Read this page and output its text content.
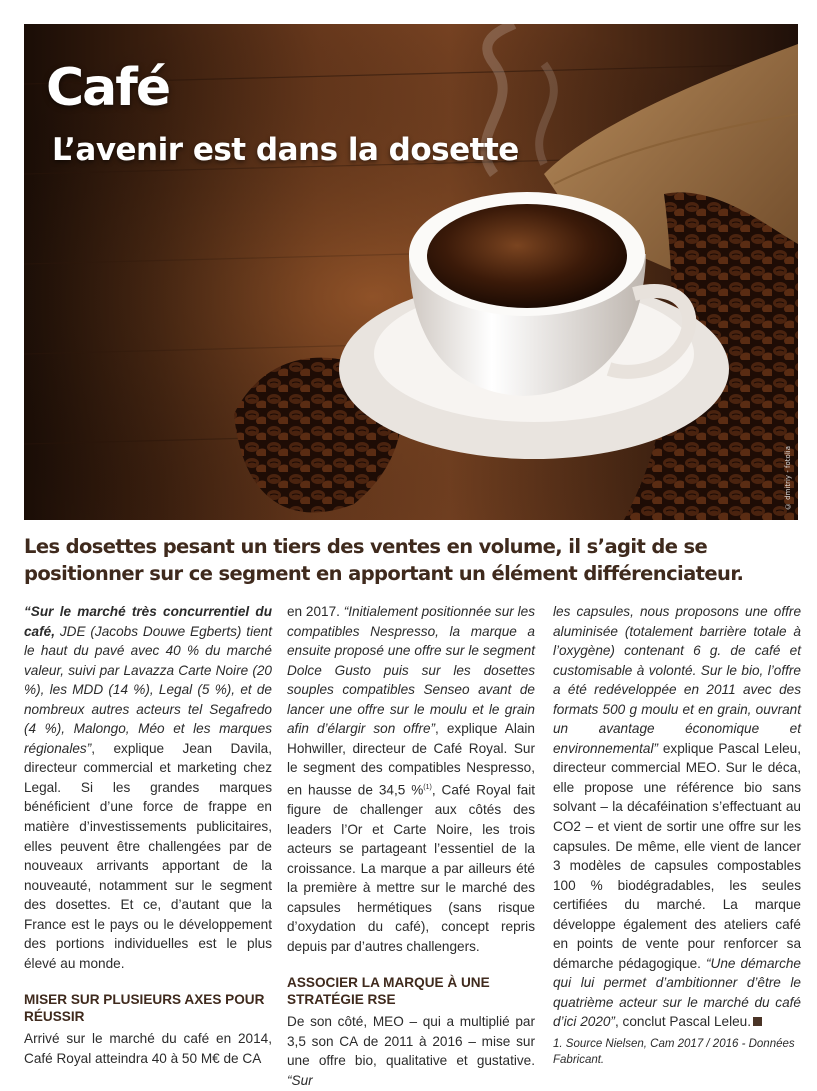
Café
L’avenir est dans la dosette
© dmitriy - fotolia

Les dosettes pesant un tiers des ventes en volume, il s’agit de se positionner sur ce segment en apportant un élément différenciateur.

“Sur le marché très concurrentiel du café, JDE (Jacobs Douwe Egberts) tient le haut du pavé avec 40 % du marché valeur, suivi par Lavazza Carte Noire (20 %), les MDD (14 %), Legal (5 %), et de nombreux autres acteurs tel Segafredo (4 %), Malongo, Méo et les marques régionales”, explique Jean Davila, directeur commercial et marketing chez Legal. Si les grandes marques bénéficient d’une force de frappe en matière d’investissements publicitaires, elles peuvent être challengées par de nouveaux arrivants apportant de la nouveauté, notamment sur le segment des dosettes. Et ce, d’autant que la France est le pays ou le développement des portions individuelles est le plus élevé au monde.

MISER SUR PLUSIEURS AXES POUR RÉUSSIR

Arrivé sur le marché du café en 2014, Café Royal atteindra 40 à 50 M€ de CA

en 2017. “Initialement positionnée sur les compatibles Nespresso, la marque a ensuite proposé une offre sur le segment Dolce Gusto puis sur les dosettes souples compatibles Senseo avant de lancer une offre sur le moulu et le grain afin d’élargir son offre”, explique Alain Hohwiller, directeur de Café Royal. Sur le segment des compatibles Nespresso, en hausse de 34,5 %$^{(1)}$, Café Royal fait figure de challenger aux côtés des leaders l’Or et Carte Noire, les trois acteurs se partageant l’essentiel de la croissance. La marque a par ailleurs été la première à mettre sur le marché des capsules hermétiques (sans risque d’oxydation du café), concept repris depuis par d’autres challengers.

ASSOCIER LA MARQUE À UNE STRATÉGIE RSE

De son côté, MEO – qui a multiplié par 3,5 son CA de 2011 à 2016 – mise sur une offre bio, qualitative et gustative. “Sur

les capsules, nous proposons une offre aluminisée (totalement barrière totale à l’oxygène) contenant 6 g. de café et customisable à volonté. Sur le bio, l’offre a été redéveloppée en 2011 avec des formats 500 g moulu et en grain, ouvrant un avantage économique et environnemental” explique Pascal Leleu, directeur commercial MEO. Sur le déca, elle propose une référence bio sans solvant – la décaféination s’effectuant au CO2 – et vient de sortir une offre sur les capsules. De même, elle vient de lancer 3 modèles de capsules compostables 100 % biodégradables, les seules certifiées du marché. La marque développe également des ateliers café en points de vente pour renforcer sa démarche pédagogique. “Une démarche qui lui permet d’ambitionner d’être le quatrième acteur sur le marché du café d’ici 2020”, conclut Pascal Leleu.

1. Source Nielsen, Cam 2017 / 2016 - Données Fabricant.
